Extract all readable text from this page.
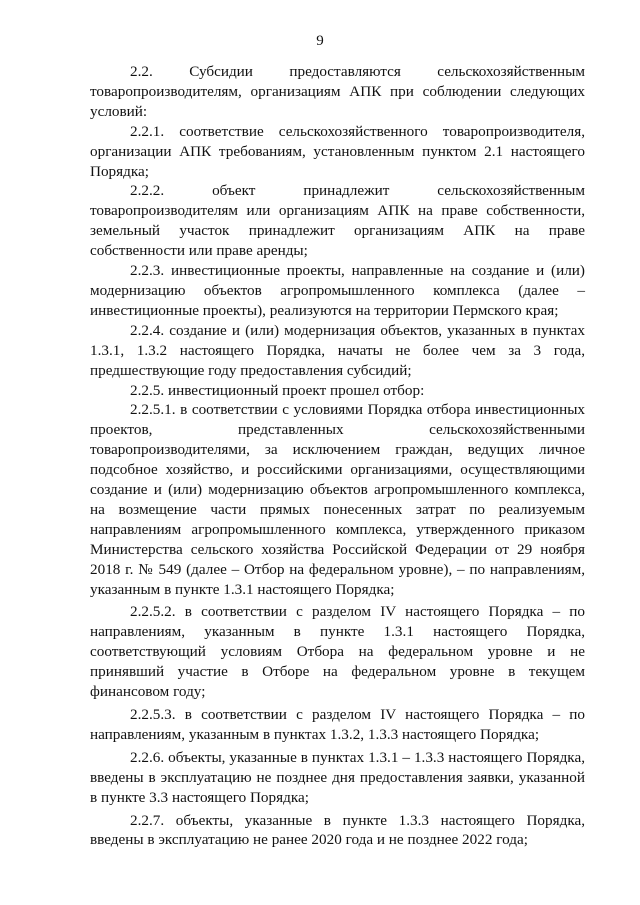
9

2.2. Субсидии предоставляются сельскохозяйственным товаропроизводителям, организациям АПК при соблюдении следующих условий:

2.2.1. соответствие сельскохозяйственного товаропроизводителя, организации АПК требованиям, установленным пунктом 2.1 настоящего Порядка;

2.2.2. объект принадлежит сельскохозяйственным товаропроизводителям или организациям АПК на праве собственности, земельный участок принадлежит организациям АПК на праве собственности или праве аренды;

2.2.3. инвестиционные проекты, направленные на создание и (или) модернизацию объектов агропромышленного комплекса (далее – инвестиционные проекты), реализуются на территории Пермского края;

2.2.4. создание и (или) модернизация объектов, указанных в пунктах 1.3.1, 1.3.2 настоящего Порядка, начаты не более чем за 3 года, предшествующие году предоставления субсидий;

2.2.5. инвестиционный проект прошел отбор:

2.2.5.1. в соответствии с условиями Порядка отбора инвестиционных проектов, представленных сельскохозяйственными товаропроизводителями, за исключением граждан, ведущих личное подсобное хозяйство, и российскими организациями, осуществляющими создание и (или) модернизацию объектов агропромышленного комплекса, на возмещение части прямых понесенных затрат по реализуемым направлениям агропромышленного комплекса, утвержденного приказом Министерства сельского хозяйства Российской Федерации от 29 ноября 2018 г. № 549 (далее – Отбор на федеральном уровне), – по направлениям, указанным в пункте 1.3.1 настоящего Порядка;

2.2.5.2. в соответствии с разделом IV настоящего Порядка – по направлениям, указанным в пункте 1.3.1 настоящего Порядка, соответствующий условиям Отбора на федеральном уровне и не принявший участие в Отборе на федеральном уровне в текущем финансовом году;

2.2.5.3. в соответствии с разделом IV настоящего Порядка – по направлениям, указанным в пунктах 1.3.2, 1.3.3 настоящего Порядка;

2.2.6. объекты, указанные в пунктах 1.3.1 – 1.3.3 настоящего Порядка, введены в эксплуатацию не позднее дня предоставления заявки, указанной в пункте 3.3 настоящего Порядка;

2.2.7. объекты, указанные в пункте 1.3.3 настоящего Порядка, введены в эксплуатацию не ранее 2020 года и не позднее 2022 года;
